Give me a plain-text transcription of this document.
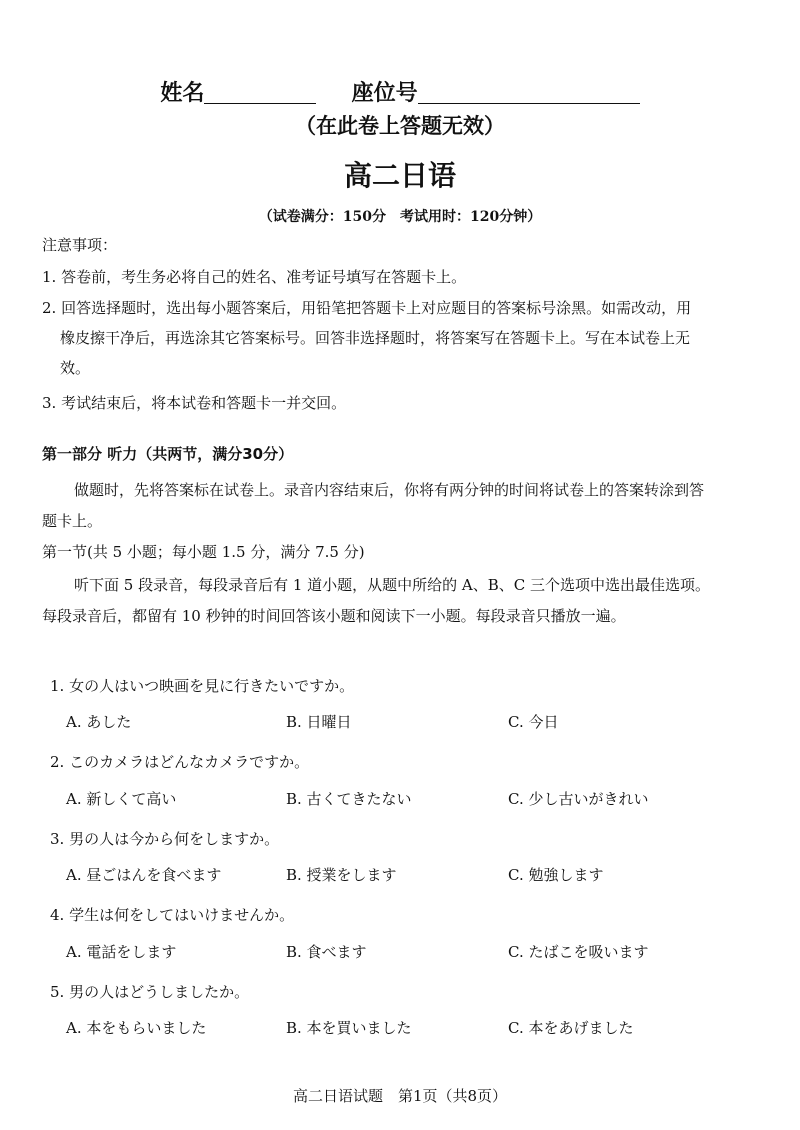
姓名	座位号
（在此卷上答题无效）
高二日语
（试卷满分：150分　考试用时：120分钟）
注意事项：
1. 答卷前，考生务必将自己的姓名、准考证号填写在答题卡上。
2. 回答选择题时，选出每小题答案后，用铅笔把答题卡上对应题目的答案标号涂黑。如需改动，用
橡皮擦干净后，再选涂其它答案标号。回答非选择题时，将答案写在答题卡上。写在本试卷上无
效。
3. 考试结束后，将本试卷和答题卡一并交回。
第一部分 听力（共两节，满分30分）
做题时，先将答案标在试卷上。录音内容结束后，你将有两分钟的时间将试卷上的答案转涂到答
题卡上。
第一节(共 5 小题；每小题 1.5 分，满分 7.5 分)
听下面 5 段录音，每段录音后有 1 道小题，从题中所给的 A、B、C 三个选项中选出最佳选项。
每段录音后，都留有 10 秒钟的时间回答该小题和阅读下一小题。每段录音只播放一遍。
1. 女の人はいつ映画を見に行きたいですか。
A. あした	B. 日曜日	C. 今日
2. このカメラはどんなカメラですか。
A. 新しくて高い	B. 古くてきたない	C. 少し古いがきれい
3. 男の人は今から何をしますか。
A. 昼ごはんを食べます	B. 授業をします	C. 勉強します
4. 学生は何をしてはいけませんか。
A. 電話をします	B. 食べます	C. たばこを吸います
5. 男の人はどうしましたか。
A. 本をもらいました	B. 本を買いました	C. 本をあげました
高二日语试题　第1页（共8页）
